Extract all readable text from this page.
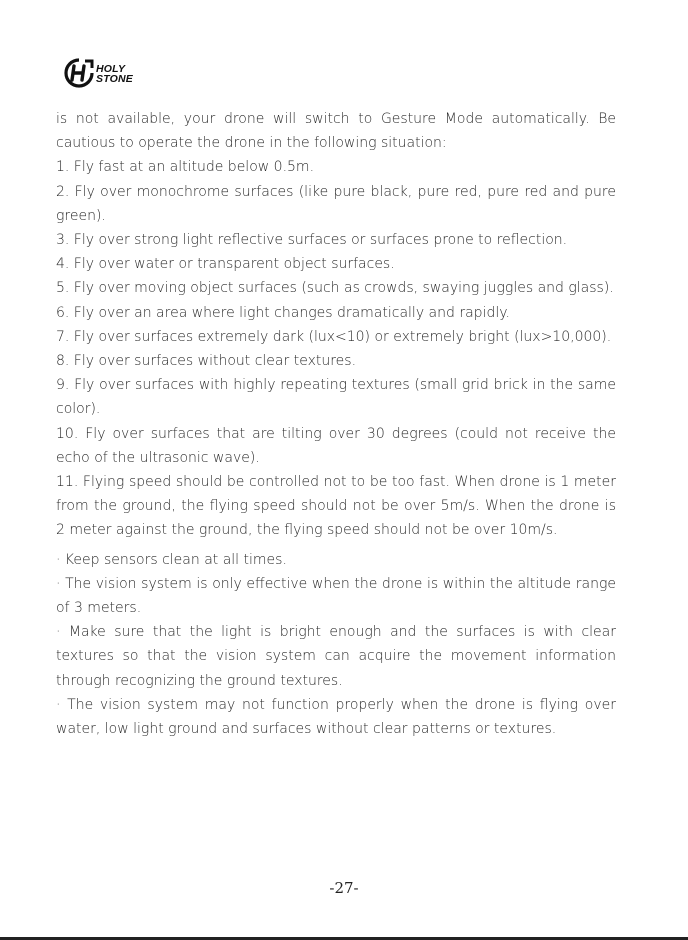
HOLY
STONE

is not available, your drone will switch to Gesture Mode automatically. Be cautious to operate the drone in the following situation:

1. Fly fast at an altitude below 0.5m.

2. Fly over monochrome surfaces (like pure black, pure red, pure red and pure green).

3. Fly over strong light reflective surfaces or surfaces prone to reflection.

4. Fly over water or transparent object surfaces.

5. Fly over moving object surfaces (such as crowds, swaying juggles and glass).

6. Fly over an area where light changes dramatically and rapidly.

7. Fly over surfaces extremely dark (lux<10) or extremely bright (lux>10,000).

8. Fly over surfaces without clear textures.

9. Fly over surfaces with highly repeating textures (small grid brick in the same color).

10. Fly over surfaces that are tilting over 30 degrees (could not receive the echo of the ultrasonic wave).

11. Flying speed should be controlled not to be too fast. When drone is 1 meter from the ground, the flying speed should not be over 5m/s. When the drone is 2 meter against the ground, the flying speed should not be over 10m/s.

· Keep sensors clean at all times.

· The vision system is only effective when the drone is within the altitude range of 3 meters.

· Make sure that the light is bright enough and the surfaces is with clear textures so that the vision system can acquire the movement information through recognizing the ground textures.

· The vision system may not function properly when the drone is flying over water, low light ground and surfaces without clear patterns or textures.

-27-
